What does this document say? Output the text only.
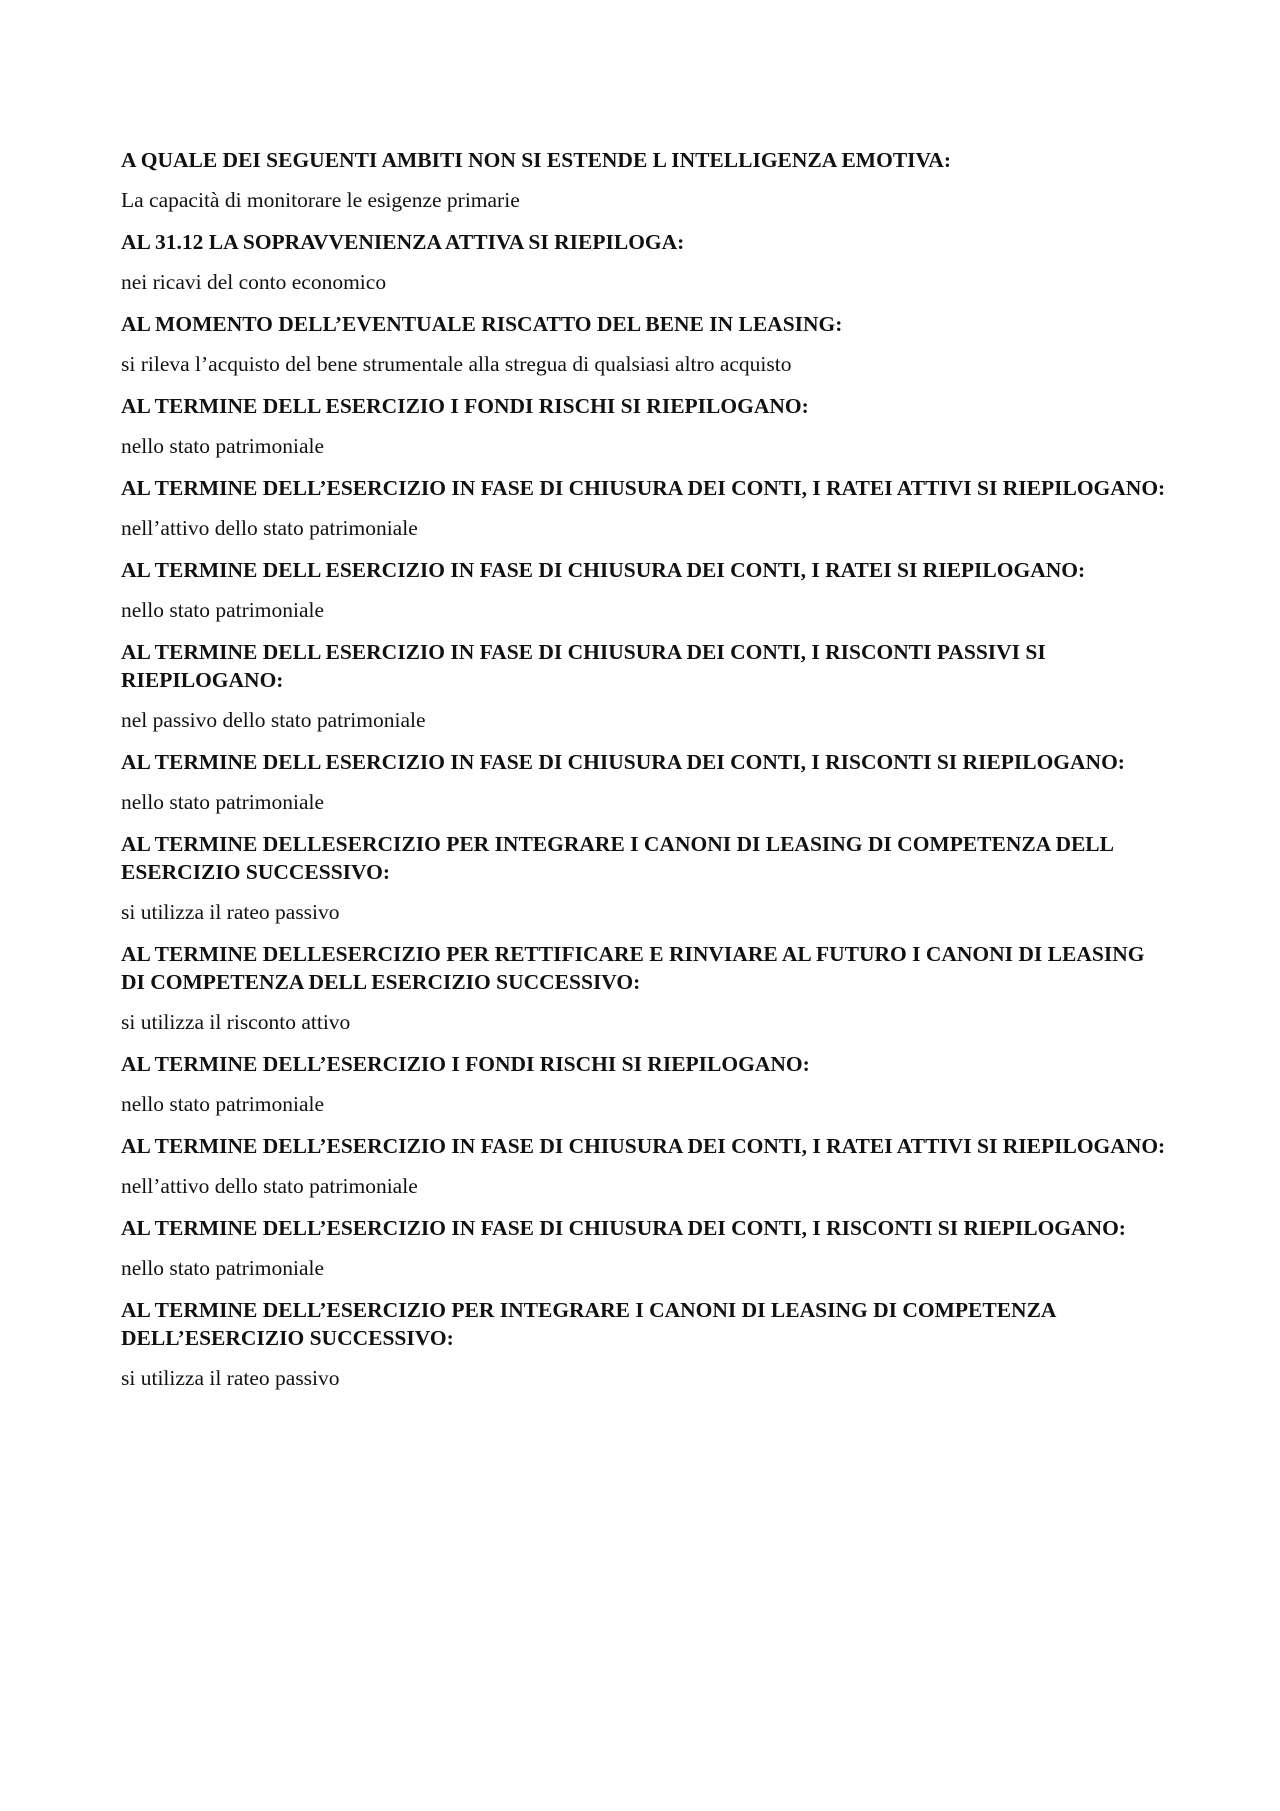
A QUALE DEI SEGUENTI AMBITI NON SI ESTENDE L INTELLIGENZA EMOTIVA:

La capacità di monitorare le esigenze primarie

AL 31.12 LA SOPRAVVENIENZA ATTIVA SI RIEPILOGA:

nei ricavi del conto economico

AL MOMENTO DELL’EVENTUALE RISCATTO DEL BENE IN LEASING:

si rileva l’acquisto del bene strumentale alla stregua di qualsiasi altro acquisto

AL TERMINE DELL ESERCIZIO I FONDI RISCHI SI RIEPILOGANO:

nello stato patrimoniale

AL TERMINE DELL’ESERCIZIO IN FASE DI CHIUSURA DEI CONTI, I RATEI ATTIVI SI RIEPILOGANO:

nell’attivo dello stato patrimoniale

AL TERMINE DELL ESERCIZIO IN FASE DI CHIUSURA DEI CONTI, I RATEI SI RIEPILOGANO:

nello stato patrimoniale

AL TERMINE DELL ESERCIZIO IN FASE DI CHIUSURA DEI CONTI, I RISCONTI PASSIVI SI RIEPILOGANO:

nel passivo dello stato patrimoniale

AL TERMINE DELL ESERCIZIO IN FASE DI CHIUSURA DEI CONTI, I RISCONTI SI RIEPILOGANO:

nello stato patrimoniale

AL TERMINE DELLESERCIZIO PER INTEGRARE I CANONI DI LEASING DI COMPETENZA DELL ESERCIZIO SUCCESSIVO:

si utilizza il rateo passivo

AL TERMINE DELLESERCIZIO PER RETTIFICARE E RINVIARE AL FUTURO I CANONI DI LEASING DI COMPETENZA DELL ESERCIZIO SUCCESSIVO:

si utilizza il risconto attivo

AL TERMINE DELL’ESERCIZIO I FONDI RISCHI SI RIEPILOGANO:

nello stato patrimoniale

AL TERMINE DELL’ESERCIZIO IN FASE DI CHIUSURA DEI CONTI, I RATEI ATTIVI SI RIEPILOGANO:

nell’attivo dello stato patrimoniale

AL TERMINE DELL’ESERCIZIO IN FASE DI CHIUSURA DEI CONTI, I RISCONTI SI RIEPILOGANO:

nello stato patrimoniale

AL TERMINE DELL’ESERCIZIO PER INTEGRARE I CANONI DI LEASING DI COMPETENZA DELL’ESERCIZIO SUCCESSIVO:

si utilizza il rateo passivo
